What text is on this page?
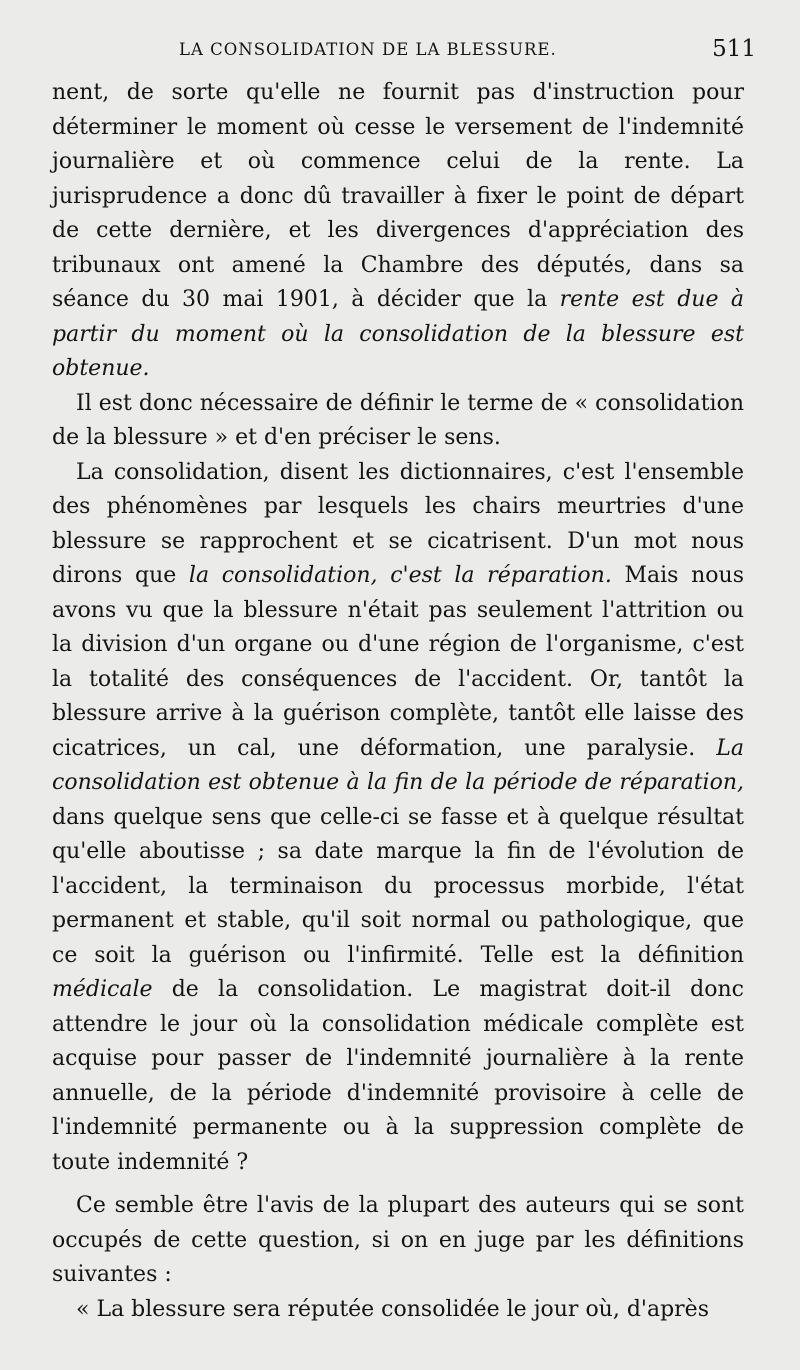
LA CONSOLIDATION DE LA BLESSURE.	511

nent, de sorte qu'elle ne fournit pas d'instruction pour déterminer le moment où cesse le versement de l'indemnité journalière et où commence celui de la rente. La jurisprudence a donc dû travailler à fixer le point de départ de cette dernière, et les divergences d'appréciation des tribunaux ont amené la Chambre des députés, dans sa séance du 30 mai 1901, à décider que la rente est due à partir du moment où la consolidation de la blessure est obtenue.

Il est donc nécessaire de définir le terme de « consolidation de la blessure » et d'en préciser le sens.

La consolidation, disent les dictionnaires, c'est l'ensemble des phénomènes par lesquels les chairs meurtries d'une blessure se rapprochent et se cicatrisent. D'un mot nous dirons que la consolidation, c'est la réparation. Mais nous avons vu que la blessure n'était pas seulement l'attrition ou la division d'un organe ou d'une région de l'organisme, c'est la totalité des conséquences de l'accident. Or, tantôt la blessure arrive à la guérison complète, tantôt elle laisse des cicatrices, un cal, une déformation, une paralysie. La consolidation est obtenue à la fin de la période de réparation, dans quelque sens que celle-ci se fasse et à quelque résultat qu'elle aboutisse ; sa date marque la fin de l'évolution de l'accident, la terminaison du processus morbide, l'état permanent et stable, qu'il soit normal ou pathologique, que ce soit la guérison ou l'infirmité. Telle est la définition médicale de la consolidation. Le magistrat doit-il donc attendre le jour où la consolidation médicale complète est acquise pour passer de l'indemnité journalière à la rente annuelle, de la période d'indemnité provisoire à celle de l'indemnité permanente ou à la suppression complète de toute indemnité ?

Ce semble être l'avis de la plupart des auteurs qui se sont occupés de cette question, si on en juge par les définitions suivantes :

« La blessure sera réputée consolidée le jour où, d'après
